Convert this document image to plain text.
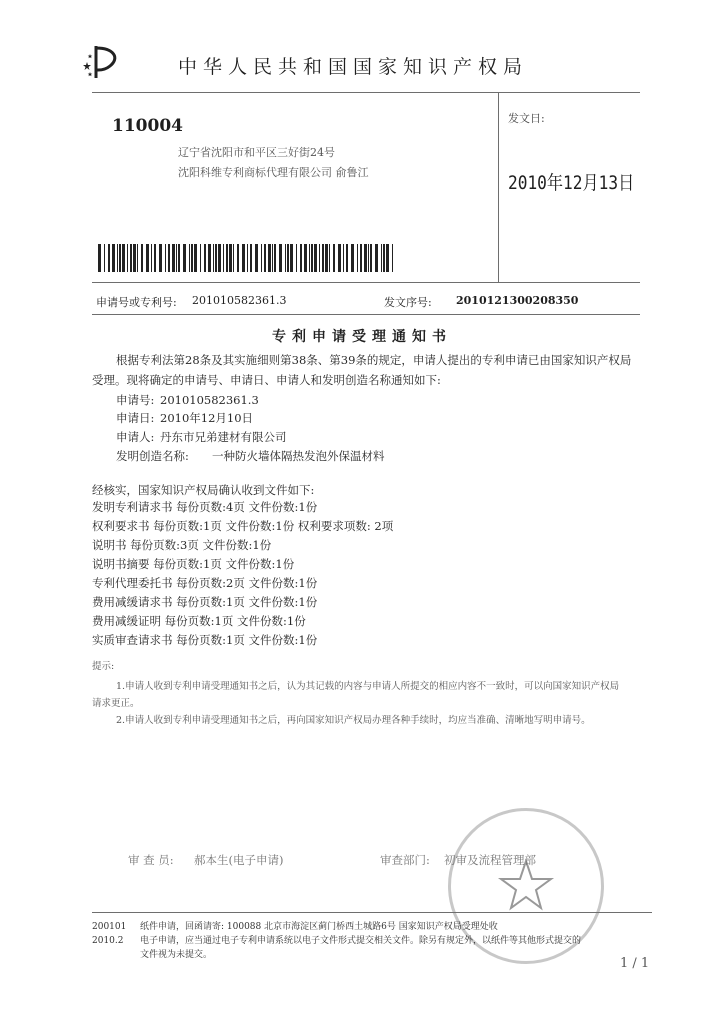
中华人民共和国国家知识产权局
110004
辽宁省沈阳市和平区三好街24号
沈阳科维专利商标代理有限公司 俞鲁江
发文日:
2010年12月13日
申请号或专利号: 201010582361.3	发文序号: 2010121300208350
专利申请受理通知书
根据专利法第28条及其实施细则第38条、第39条的规定，申请人提出的专利申请已由国家知识产权局
受理。现将确定的申请号、申请日、申请人和发明创造名称通知如下:
申请号: 201010582361.3
申请日: 2010年12月10日
申请人: 丹东市兄弟建材有限公司
发明创造名称: 一种防火墙体隔热发泡外保温材料
经核实，国家知识产权局确认收到文件如下:
发明专利请求书 每份页数:4页 文件份数:1份
权利要求书 每份页数:1页 文件份数:1份 权利要求项数: 2项
说明书 每份页数:3页 文件份数:1份
说明书摘要 每份页数:1页 文件份数:1份
专利代理委托书 每份页数:2页 文件份数:1份
费用减缓请求书 每份页数:1页 文件份数:1份
费用减缓证明 每份页数:1页 文件份数:1份
实质审查请求书 每份页数:1页 文件份数:1份
提示:
1.申请人收到专利申请受理通知书之后，认为其记载的内容与申请人所提交的相应内容不一致时，可以向国家知识产权局
请求更正。
2.申请人收到专利申请受理通知书之后，再向国家知识产权局办理各种手续时，均应当准确、清晰地写明申请号。
审 查 员: 郝本生(电子申请)	审查部门: 初审及流程管理部
200101
2010.2
纸件申请，回函请寄: 100088 北京市海淀区蓟门桥西土城路6号 国家知识产权局受理处收
电子申请，应当通过电子专利申请系统以电子文件形式提交相关文件。除另有规定外，以纸件等其他形式提交的
文件视为未提交。
1 / 1
